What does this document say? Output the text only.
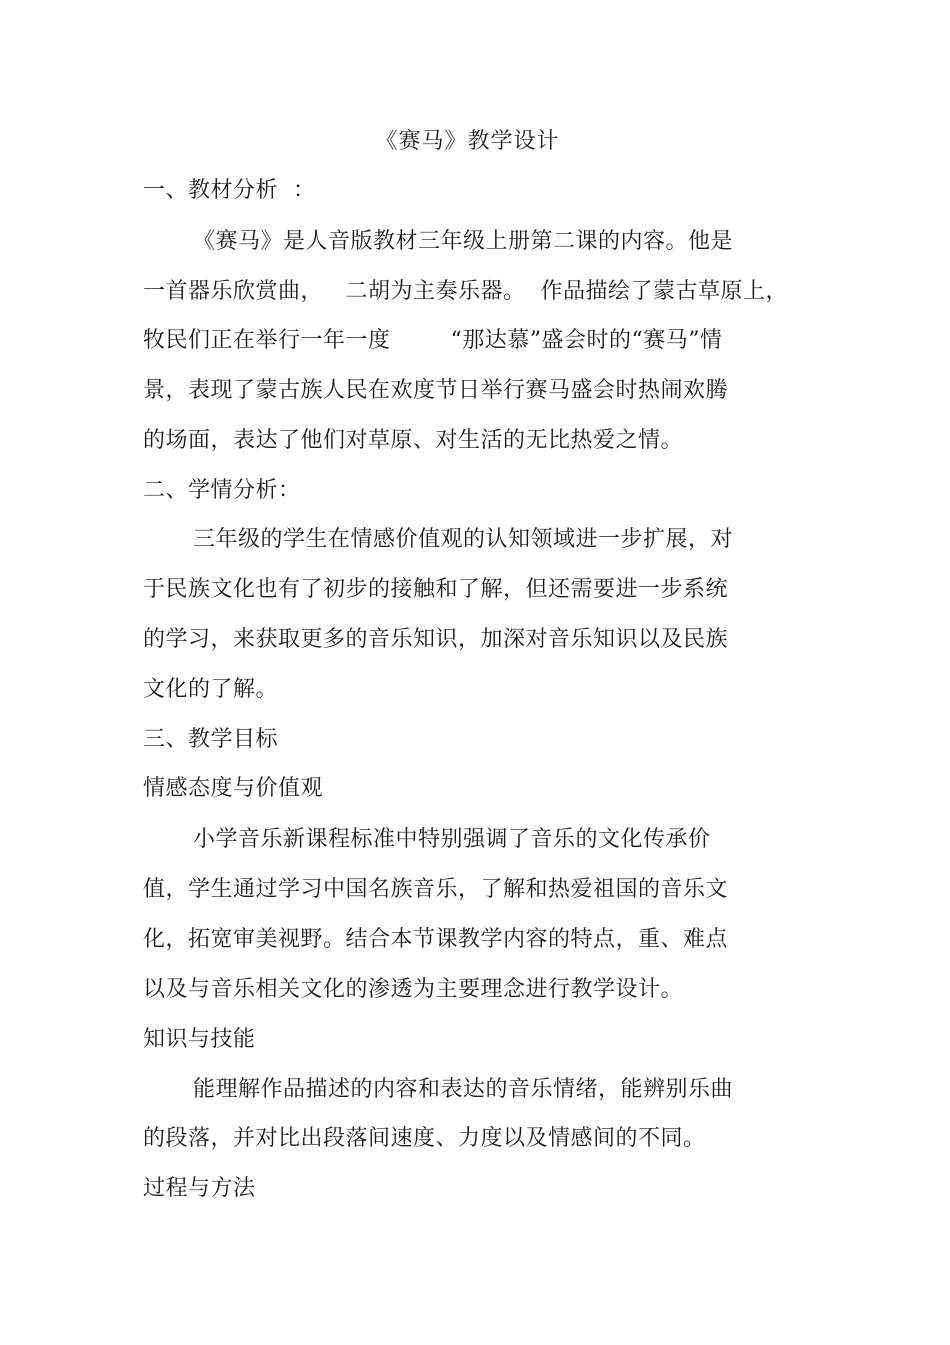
《赛马》教学设计
一、教材分析  ：
《赛马》是人音版教材三年级上册第二课的内容。他是
一首器乐欣赏曲，   二胡为主奏乐器。  作品描绘了蒙古草原上，
牧民们正在举行一年一度        “那达慕”盛会时的“赛马”情
景，表现了蒙古族人民在欢度节日举行赛马盛会时热闹欢腾
的场面，表达了他们对草原、对生活的无比热爱之情。
二、学情分析：
三年级的学生在情感价值观的认知领域进一步扩展，对
于民族文化也有了初步的接触和了解，但还需要进一步系统
的学习，来获取更多的音乐知识，加深对音乐知识以及民族
文化的了解。
三、教学目标
情感态度与价值观
小学音乐新课程标准中特别强调了音乐的文化传承价
值，学生通过学习中国名族音乐，了解和热爱祖国的音乐文
化，拓宽审美视野。结合本节课教学内容的特点，重、难点
以及与音乐相关文化的渗透为主要理念进行教学设计。
知识与技能
能理解作品描述的内容和表达的音乐情绪，能辨别乐曲
的段落，并对比出段落间速度、力度以及情感间的不同。
过程与方法
